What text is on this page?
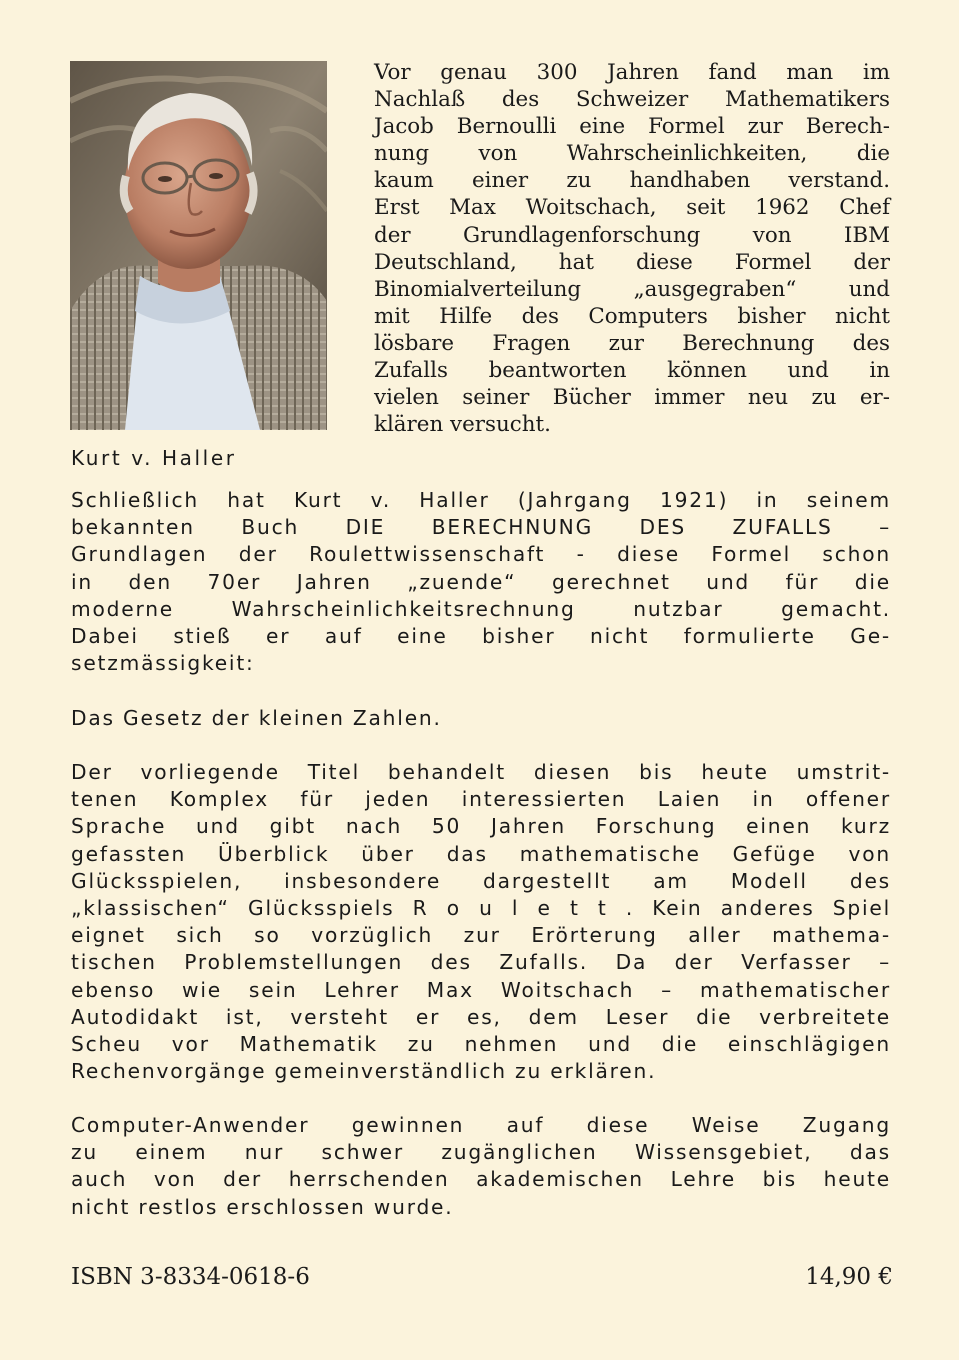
Kurt v. Haller

Vor genau 300 Jahren fand man im
Nachlaß des Schweizer Mathematikers
Jacob Bernoulli eine Formel zur Berech-
nung von Wahrscheinlichkeiten, die
kaum einer zu handhaben verstand.
Erst Max Woitschach, seit 1962 Chef
der Grundlagenforschung von IBM
Deutschland, hat diese Formel der
Binomialverteilung „ausgegraben“ und
mit Hilfe des Computers bisher nicht
lösbare Fragen zur Berechnung des
Zufalls beantworten können und in
vielen seiner Bücher immer neu zu er-
klären versucht.

Schließlich hat Kurt v. Haller (Jahrgang 1921) in seinem
bekannten Buch DIE BERECHNUNG DES ZUFALLS –
Grundlagen der Roulettwissenschaft - diese Formel schon
in den 70er Jahren „zuende“ gerechnet und für die
moderne Wahrscheinlichkeitsrechnung nutzbar gemacht.
Dabei stieß er auf eine bisher nicht formulierte Ge-
setzmässigkeit:

Das Gesetz der kleinen Zahlen.

Der vorliegende Titel behandelt diesen bis heute umstrit-
tenen Komplex für jeden interessierten Laien in offener
Sprache und gibt nach 50 Jahren Forschung einen kurz
gefassten Überblick über das mathematische Gefüge von
Glücksspielen, insbesondere dargestellt am Modell des
„klassischen“ Glücksspiels R o u l e t t . Kein anderes Spiel
eignet sich so vorzüglich zur Erörterung aller mathema-
tischen Problemstellungen des Zufalls. Da der Verfasser –
ebenso wie sein Lehrer Max Woitschach – mathematischer
Autodidakt ist, versteht er es, dem Leser die verbreitete
Scheu vor Mathematik zu nehmen und die einschlägigen
Rechenvorgänge gemeinverständlich zu erklären.

Computer-Anwender gewinnen auf diese Weise Zugang
zu einem nur schwer zugänglichen Wissensgebiet, das
auch von der herrschenden akademischen Lehre bis heute
nicht restlos erschlossen wurde.

ISBN 3-8334-0618-6	14,90 €
